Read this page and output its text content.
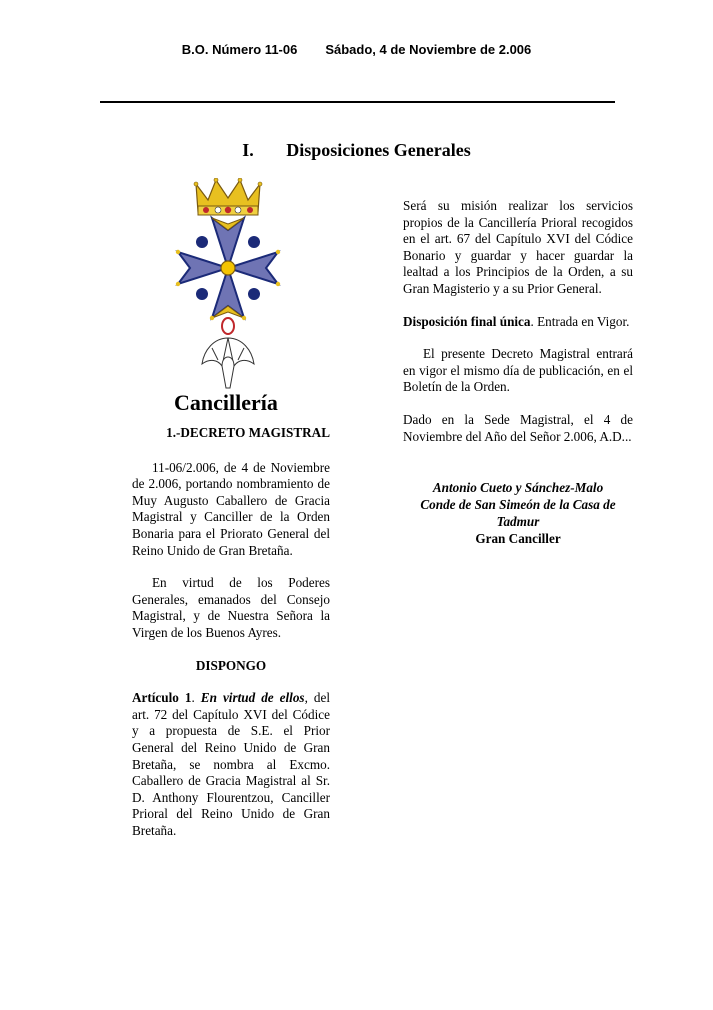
B.O. Número 11-06 Sábado, 4 de Noviembre de 2.006
I. Disposiciones Generales
Cancillería

1.-DECRETO MAGISTRAL

11-06/2.006, de 4 de Noviembre de 2.006, portando nombramiento de Muy Augusto Caballero de Gracia Magistral y Canciller de la Orden Bonaria para el Priorato General del Reino Unido de Gran Bretaña.

En virtud de los Poderes Generales, emanados del Consejo Magistral, y de Nuestra Señora la Virgen de los Buenos Ayres.

DISPONGO

Artículo 1. En virtud de ellos, del art. 72 del Capítulo XVI del Códice y a propuesta de S.E. el Prior General del Reino Unido de Gran Bretaña, se nombra al Excmo. Caballero de Gracia Magistral al Sr. D. Anthony Flourentzou, Canciller Prioral del Reino Unido de Gran Bretaña.

Será su misión realizar los servicios propios de la Cancillería Prioral recogidos en el art. 67 del Capítulo XVI del Códice Bonario y guardar y hacer guardar la lealtad a los Principios de la Orden, a su Gran Magisterio y a su Prior General.

Disposición final única. Entrada en Vigor.

El presente Decreto Magistral entrará en vigor el mismo día de publicación, en el Boletín de la Orden.

Dado en la Sede Magistral, el 4 de Noviembre del Año del Señor 2.006, A.D...

Antonio Cueto y Sánchez-Malo

Conde de San Simeón de la Casa de Tadmur

Gran Canciller
